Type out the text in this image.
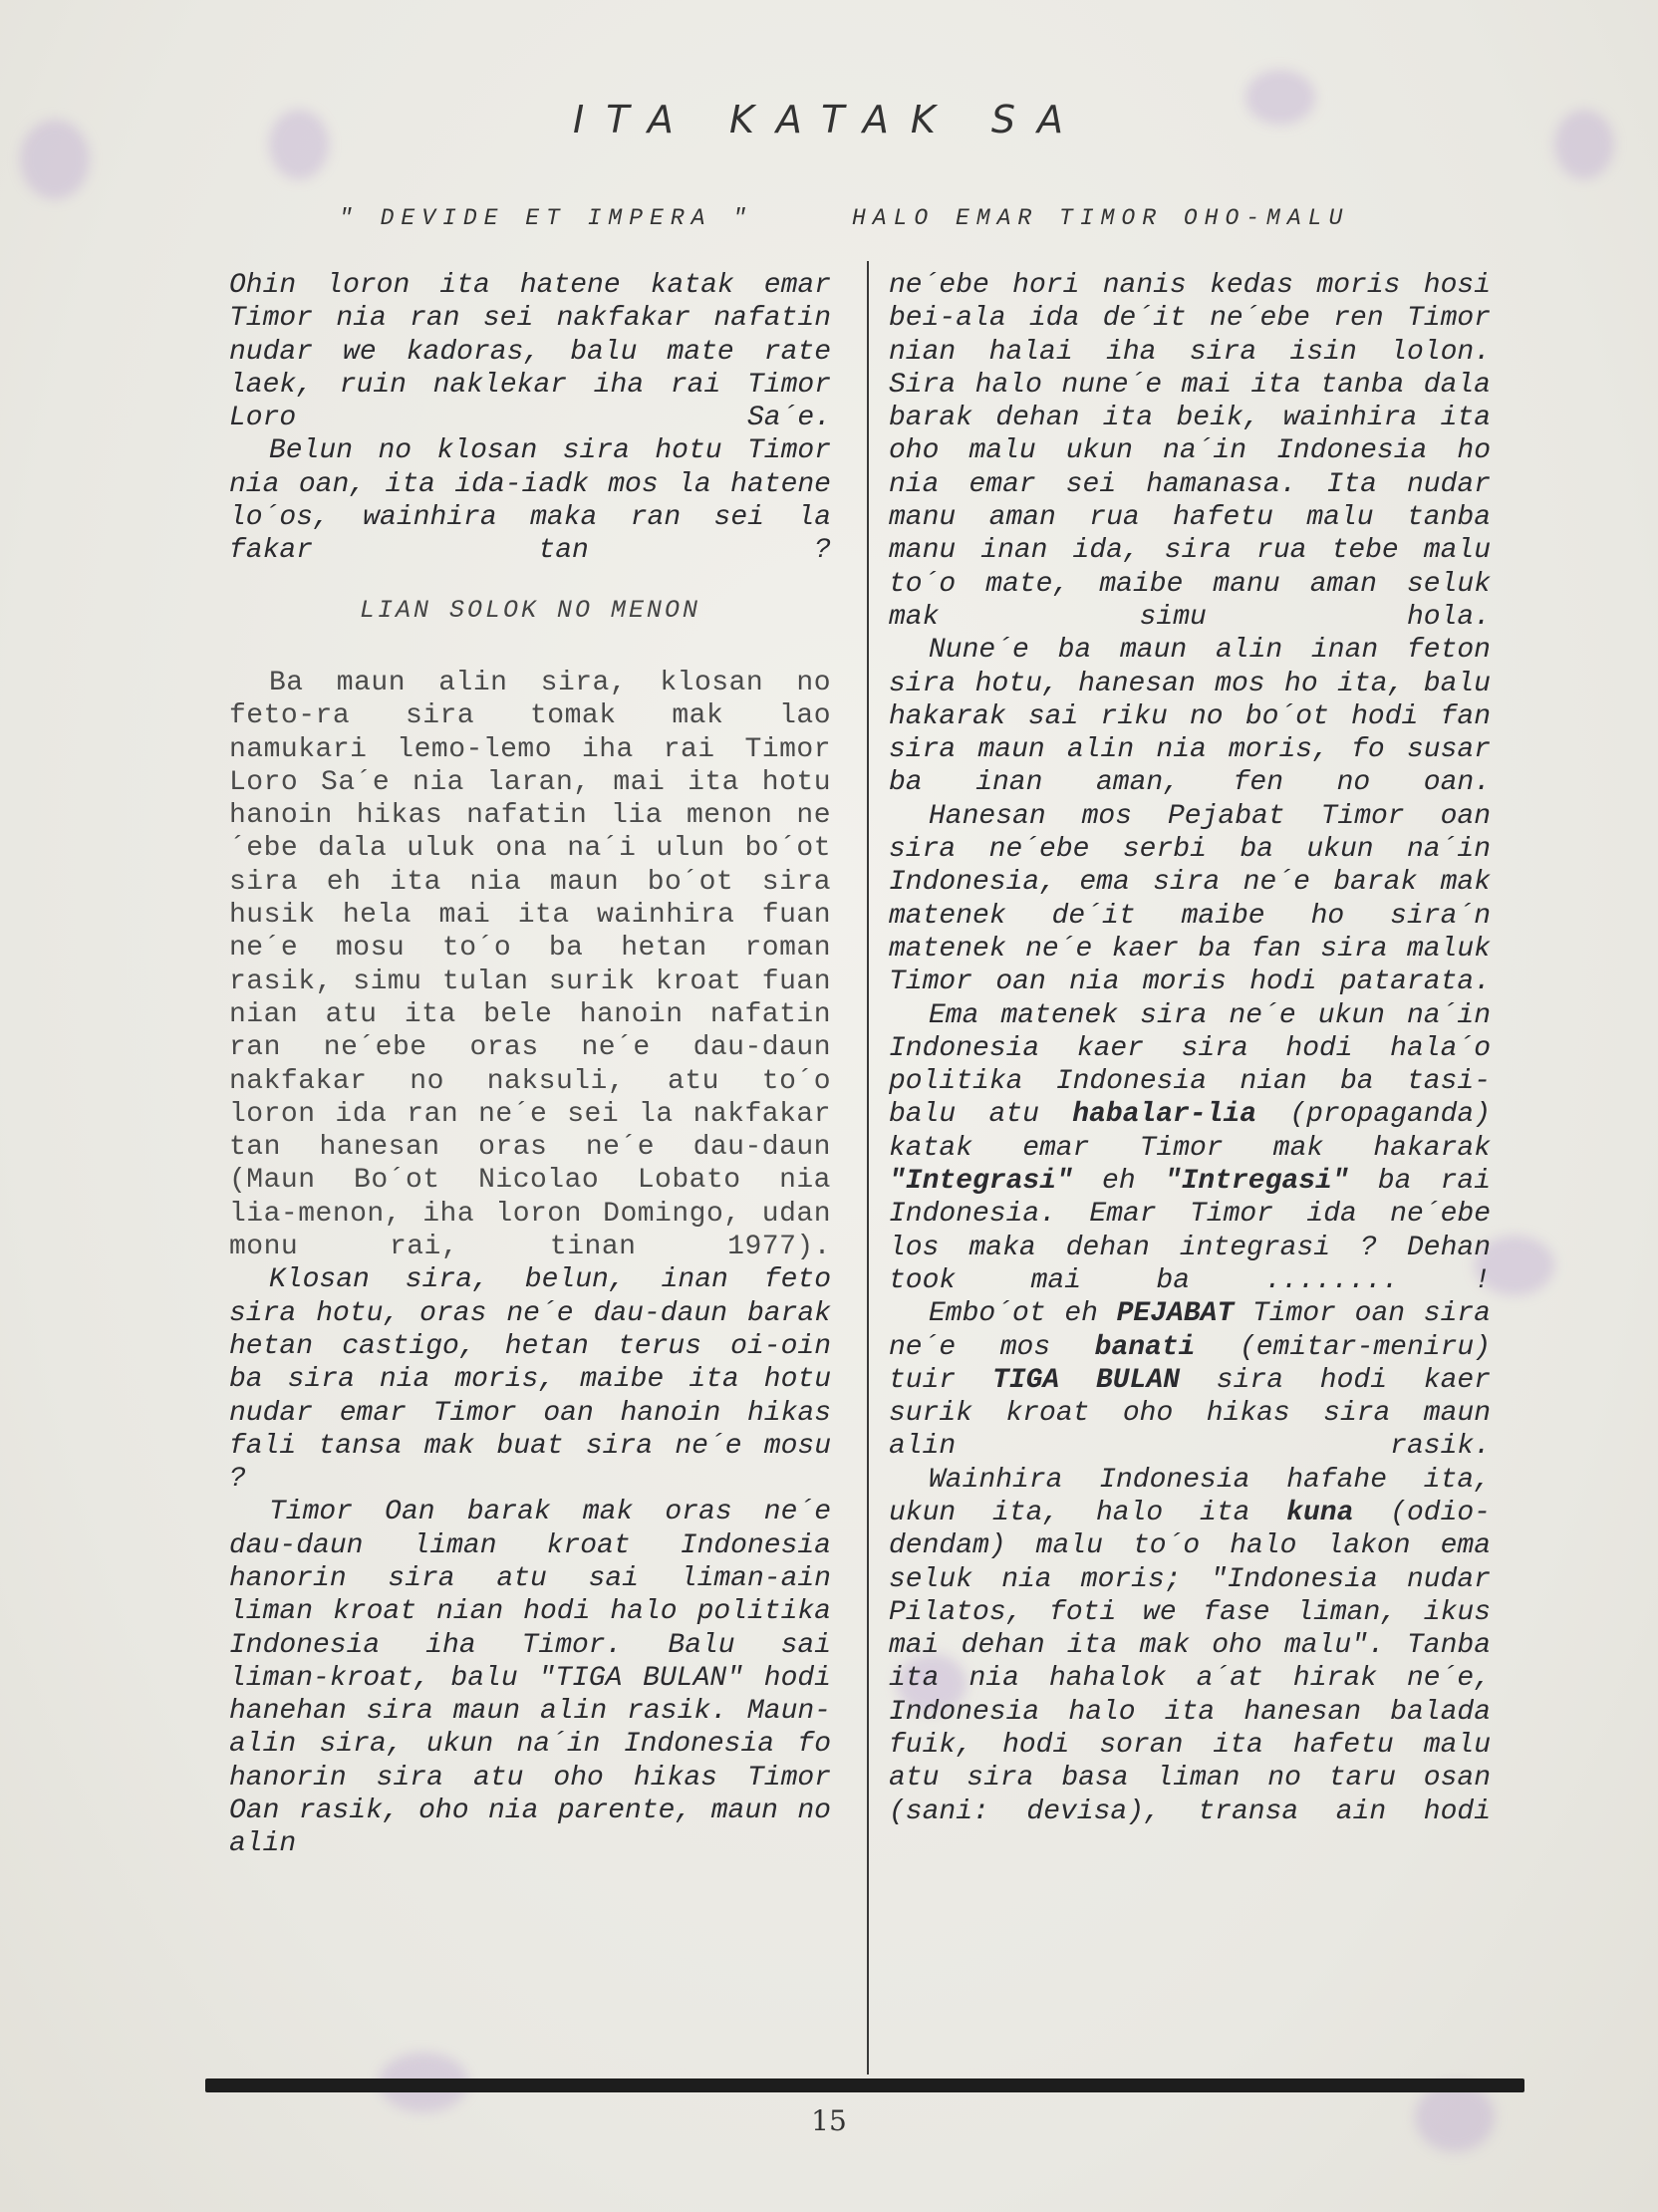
ITA KATAK SA
" DEVIDE ET IMPERA "	HALO EMAR TIMOR OHO-MALU

Ohin loron ita hatene katak emar Timor nia ran sei nakfakar nafatin nudar we kadoras, balu mate rate laek, ruin naklekar iha rai Timor Loro Sa´e.

Belun no klosan sira hotu Timor nia oan, ita ida-iadk mos la hatene lo´os, wainhira maka ran sei la fakar tan ?

LIAN SOLOK NO MENON

Ba maun alin sira, klosan no feto-ra sira tomak mak lao namukari lemo-lemo iha rai Timor Loro Sa´e nia laran, mai ita hotu hanoin hikas nafatin lia menon ne´ebe dala uluk ona na´i ulun bo´ot sira eh ita nia maun bo´ot sira husik hela mai ita wainhira fuan ne´e mosu to´o ba hetan roman rasik, simu tulan surik kroat fuan nian atu ita bele hanoin nafatin ran ne´ebe oras ne´e dau-daun nakfakar no naksuli, atu to´o loron ida ran ne´e sei la nakfakar tan hanesan oras ne´e dau-daun (Maun Bo´ot Nicolao Lobato nia lia-menon, iha loron Domingo, udan monu rai, tinan 1977).

Klosan sira, belun, inan feto sira hotu, oras ne´e dau-daun barak hetan castigo, hetan terus oi-oin ba sira nia moris, maibe ita hotu nudar emar Timor oan hanoin hikas fali tansa mak buat sira ne´e mosu ?

Timor Oan barak mak oras ne´e dau-daun liman kroat Indonesia hanorin sira atu sai liman-ain liman kroat nian hodi halo politika Indonesia iha Timor. Balu sai liman-kroat, balu "TIGA BULAN" hodi hanehan sira maun alin rasik. Maun-alin sira, ukun na´in Indonesia fo hanorin sira atu oho hikas Timor Oan rasik, oho nia parente, maun no alin

ne´ebe hori nanis kedas moris hosi bei-ala ida de´it ne´ebe ren Timor nian halai iha sira isin lolon. Sira halo nune´e mai ita tanba dala barak dehan ita beik, wainhira ita oho malu ukun na´in Indonesia ho nia emar sei hamanasa. Ita nudar manu aman rua hafetu malu tanba manu inan ida, sira rua tebe malu to´o mate, maibe manu aman seluk mak simu hola.

Nune´e ba maun alin inan feton sira hotu, hanesan mos ho ita, balu hakarak sai riku no bo´ot hodi fan sira maun alin nia moris, fo susar ba inan aman, fen no oan.

Hanesan mos Pejabat Timor oan sira ne´ebe serbi ba ukun na´in Indonesia, ema sira ne´e barak mak matenek de´it maibe ho sira´n matenek ne´e kaer ba fan sira maluk Timor oan nia moris hodi patarata.

Ema matenek sira ne´e ukun na´in Indonesia kaer sira hodi hala´o politika Indonesia nian ba tasi-balu atu habalar-lia (propaganda) katak emar Timor mak hakarak "Integrasi" eh "Intregasi" ba rai Indonesia. Emar Timor ida ne´ebe los maka dehan integrasi ? Dehan took mai ba ........ !

Embo´ot eh PEJABAT Timor oan sira ne´e mos banati (emitar-meniru) tuir TIGA BULAN sira hodi kaer surik kroat oho hikas sira maun alin rasik.

Wainhira Indonesia hafahe ita, ukun ita, halo ita kuna (odio-dendam) malu to´o halo lakon ema seluk nia moris; "Indonesia nudar Pilatos, foti we fase liman, ikus mai dehan ita mak oho malu". Tanba ita nia hahalok a´at hirak ne´e, Indonesia halo ita hanesan balada fuik, hodi soran ita hafetu malu atu sira basa liman no taru osan (sani: devisa), transa ain hodi

15
